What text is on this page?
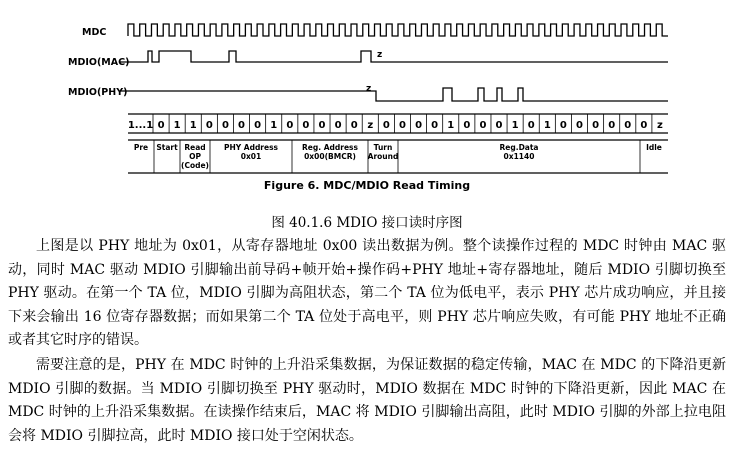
MDC
MDIO(MAC)
MDIO(PHY)
z
z
1...1 0 1 1 0 0 0 0 1 0 0 0 0 0 z 0 0 0 0 1 0 0 0 1 0 1 0 0 0 0 0 0 z
Pre Start Read
OP
(Code)
PHY Address
0x01
Reg. Address
0x00(BMCR)
Turn
Around
Reg.Data
0x1140
Idle
Figure 6. MDC/MDIO Read Timing
图 40.1.6 MDIO 接口读时序图

上图是以 PHY 地址为 0x01，从寄存器地址 0x00 读出数据为例。整个读操作过程的 MDC 时钟由 MAC 驱动，同时 MAC 驱动 MDIO 引脚输出前导码+帧开始+操作码+PHY 地址+寄存器地址，随后 MDIO 引脚切换至 PHY 驱动。在第一个 TA 位，MDIO 引脚为高阻状态，第二个 TA 位为低电平，表示 PHY 芯片成功响应，并且接下来会输出 16 位寄存器数据；而如果第二个 TA 位处于高电平，则 PHY 芯片响应失败，有可能 PHY 地址不正确或者其它时序的错误。

需要注意的是，PHY 在 MDC 时钟的上升沿采集数据，为保证数据的稳定传输，MAC 在 MDC 的下降沿更新 MDIO 引脚的数据。当 MDIO 引脚切换至 PHY 驱动时，MDIO 数据在 MDC 时钟的下降沿更新，因此 MAC 在 MDC 时钟的上升沿采集数据。在读操作结束后，MAC 将 MDIO 引脚输出高阻，此时 MDIO 引脚的外部上拉电阻会将 MDIO 引脚拉高，此时 MDIO 接口处于空闲状态。
